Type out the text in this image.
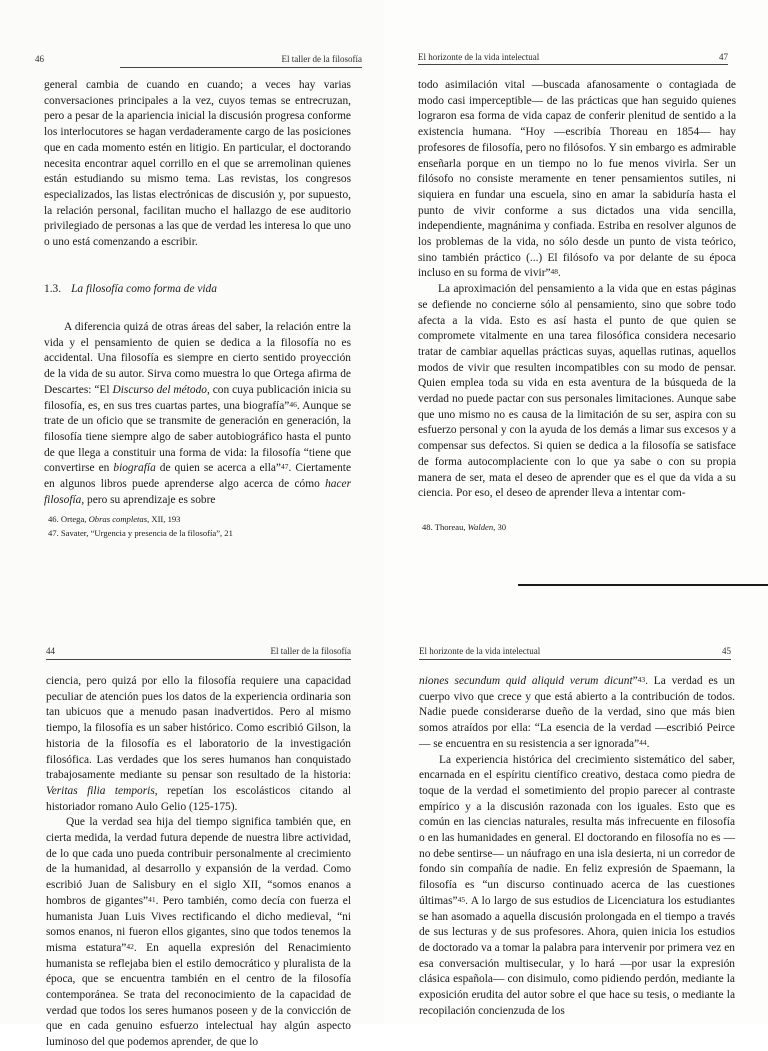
46	El taller de la filosofía

general cambia de cuando en cuando; a veces hay varias conversaciones principales a la vez, cuyos temas se entrecruzan, pero a pesar de la apariencia inicial la discusión progresa conforme los interlocutores se hagan verdaderamente cargo de las posiciones que en cada momento estén en litigio. En particular, el doctorando necesita encontrar aquel corrillo en el que se arremolinan quienes están estudiando su mismo tema. Las revistas, los congresos especializados, las listas electrónicas de discusión y, por supuesto, la relación personal, facilitan mucho el hallazgo de ese auditorio privilegiado de personas a las que de verdad les interesa lo que uno o uno está comenzando a escribir.

1.3. La filosofía como forma de vida

A diferencia quizá de otras áreas del saber, la relación entre la vida y el pensamiento de quien se dedica a la filosofía no es accidental. Una filosofía es siempre en cierto sentido proyección de la vida de su autor. Sirva como muestra lo que Ortega afirma de Descartes: “El Discurso del método, con cuya publicación inicia su filosofía, es, en sus tres cuartas partes, una biografía”$^{46}$. Aunque se trate de un oficio que se transmite de generación en generación, la filosofía tiene siempre algo de saber autobiográfico hasta el punto de que llega a constituir una forma de vida: la filosofía “tiene que convertirse en biografía de quien se acerca a ella”$^{47}$. Ciertamente en algunos libros puede aprenderse algo acerca de cómo hacer filosofía, pero su aprendizaje es sobre

46. Ortega, Obras completas, XII, 193
47. Savater, “Urgencia y presencia de la filosofía”, 21
El horizonte de la vida intelectual	47

todo asimilación vital —buscada afanosamente o contagiada de modo casi imperceptible— de las prácticas que han seguido quienes lograron esa forma de vida capaz de conferir plenitud de sentido a la existencia humana. “Hoy —escribía Thoreau en 1854— hay profesores de filosofía, pero no filósofos. Y sin embargo es admirable enseñarla porque en un tiempo no lo fue menos vivirla. Ser un filósofo no consiste meramente en tener pensamientos sutiles, ni siquiera en fundar una escuela, sino en amar la sabiduría hasta el punto de vivir conforme a sus dictados una vida sencilla, independiente, magnánima y confiada. Estriba en resolver algunos de los problemas de la vida, no sólo desde un punto de vista teórico, sino también práctico (...) El filósofo va por delante de su época incluso en su forma de vivir”$^{48}$.

La aproximación del pensamiento a la vida que en estas páginas se defiende no concierne sólo al pensamiento, sino que sobre todo afecta a la vida. Esto es así hasta el punto de que quien se compromete vitalmente en una tarea filosófica considera necesario tratar de cambiar aquellas prácticas suyas, aquellas rutinas, aquellos modos de vivir que resulten incompatibles con su modo de pensar. Quien emplea toda su vida en esta aventura de la búsqueda de la verdad no puede pactar con sus personales limitaciones. Aunque sabe que uno mismo no es causa de la limitación de su ser, aspira con su esfuerzo personal y con la ayuda de los demás a limar sus excesos y a compensar sus defectos. Si quien se dedica a la filosofía se satisface de forma autocomplaciente con lo que ya sabe o con su propia manera de ser, mata el deseo de aprender que es el que da vida a su ciencia. Por eso, el deseo de aprender lleva a intentar com-

48. Thoreau, Walden, 30
44	El taller de la filosofía

ciencia, pero quizá por ello la filosofía requiere una capacidad peculiar de atención pues los datos de la experiencia ordinaria son tan ubicuos que a menudo pasan inadvertidos. Pero al mismo tiempo, la filosofía es un saber histórico. Como escribió Gilson, la historia de la filosofía es el laboratorio de la investigación filosófica. Las verdades que los seres humanos han conquistado trabajosamente mediante su pensar son resultado de la historia: Veritas filia temporis, repetían los escolásticos citando al historiador romano Aulo Gelio (125-175).

Que la verdad sea hija del tiempo significa también que, en cierta medida, la verdad futura depende de nuestra libre actividad, de lo que cada uno pueda contribuir personalmente al crecimiento de la humanidad, al desarrollo y expansión de la verdad. Como escribió Juan de Salisbury en el siglo XII, “somos enanos a hombros de gigantes”$^{41}$. Pero también, como decía con fuerza el humanista Juan Luis Vives rectificando el dicho medieval, “ni somos enanos, ni fueron ellos gigantes, sino que todos tenemos la misma estatura”$^{42}$. En aquella expresión del Renacimiento humanista se reflejaba bien el estilo democrático y pluralista de la época, que se encuentra también en el centro de la filosofía contemporánea. Se trata del reconocimiento de la capacidad de verdad que todos los seres humanos poseen y de la convicción de que en cada genuino esfuerzo intelectual hay algún aspecto luminoso del que podemos aprender, de que lo

El horizonte de la vida intelectual	45

niones secundum quid aliquid verum dicunt”$^{43}$. La verdad es un cuerpo vivo que crece y que está abierto a la contribución de todos. Nadie puede considerarse dueño de la verdad, sino que más bien somos atraídos por ella: “La esencia de la verdad —escribió Peirce— se encuentra en su resistencia a ser ignorada”$^{44}$.

La experiencia histórica del crecimiento sistemático del saber, encarnada en el espíritu científico creativo, destaca como piedra de toque de la verdad el sometimiento del propio parecer al contraste empírico y a la discusión razonada con los iguales. Esto que es común en las ciencias naturales, resulta más infrecuente en filosofía o en las humanidades en general. El doctorando en filosofía no es —no debe sentirse— un náufrago en una isla desierta, ni un corredor de fondo sin compañía de nadie. En feliz expresión de Spaemann, la filosofía es “un discurso continuado acerca de las cuestiones últimas”$^{45}$. A lo largo de sus estudios de Licenciatura los estudiantes se han asomado a aquella discusión prolongada en el tiempo a través de sus lecturas y de sus profesores. Ahora, quien inicia los estudios de doctorado va a tomar la palabra para intervenir por primera vez en esa conversación multisecular, y lo hará —por usar la expresión clásica española— con disimulo, como pidiendo perdón, mediante la exposición erudita del autor sobre el que hace su tesis, o mediante la recopilación concienzuda de los
